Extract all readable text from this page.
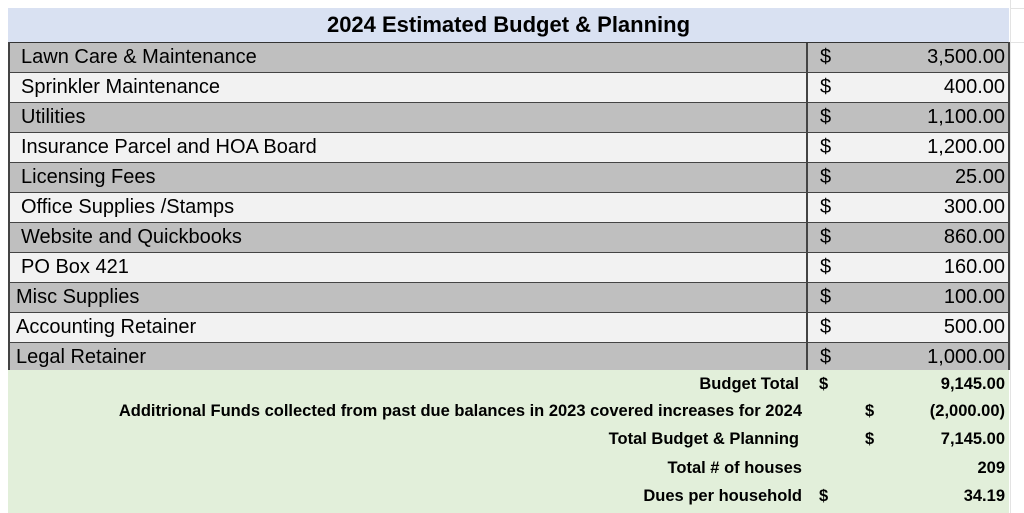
2024 Estimated Budget & Planning
Lawn Care & Maintenance	$	3,500.00
Sprinkler Maintenance	$	400.00
Utilities	$	1,100.00
Insurance Parcel and HOA Board	$	1,200.00
Licensing Fees	$	25.00
Office Supplies /Stamps	$	300.00
Website and Quickbooks	$	860.00
PO Box 421	$	160.00
Misc Supplies	$	100.00
Accounting Retainer	$	500.00
Legal Retainer	$	1,000.00
Budget Total $	9,145.00
Additrional Funds collected from past due balances in 2023 covered increases for 2024	$	(2,000.00)
Total Budget & Planning	$	7,145.00
Total # of houses	209
Dues per household $	34.19
